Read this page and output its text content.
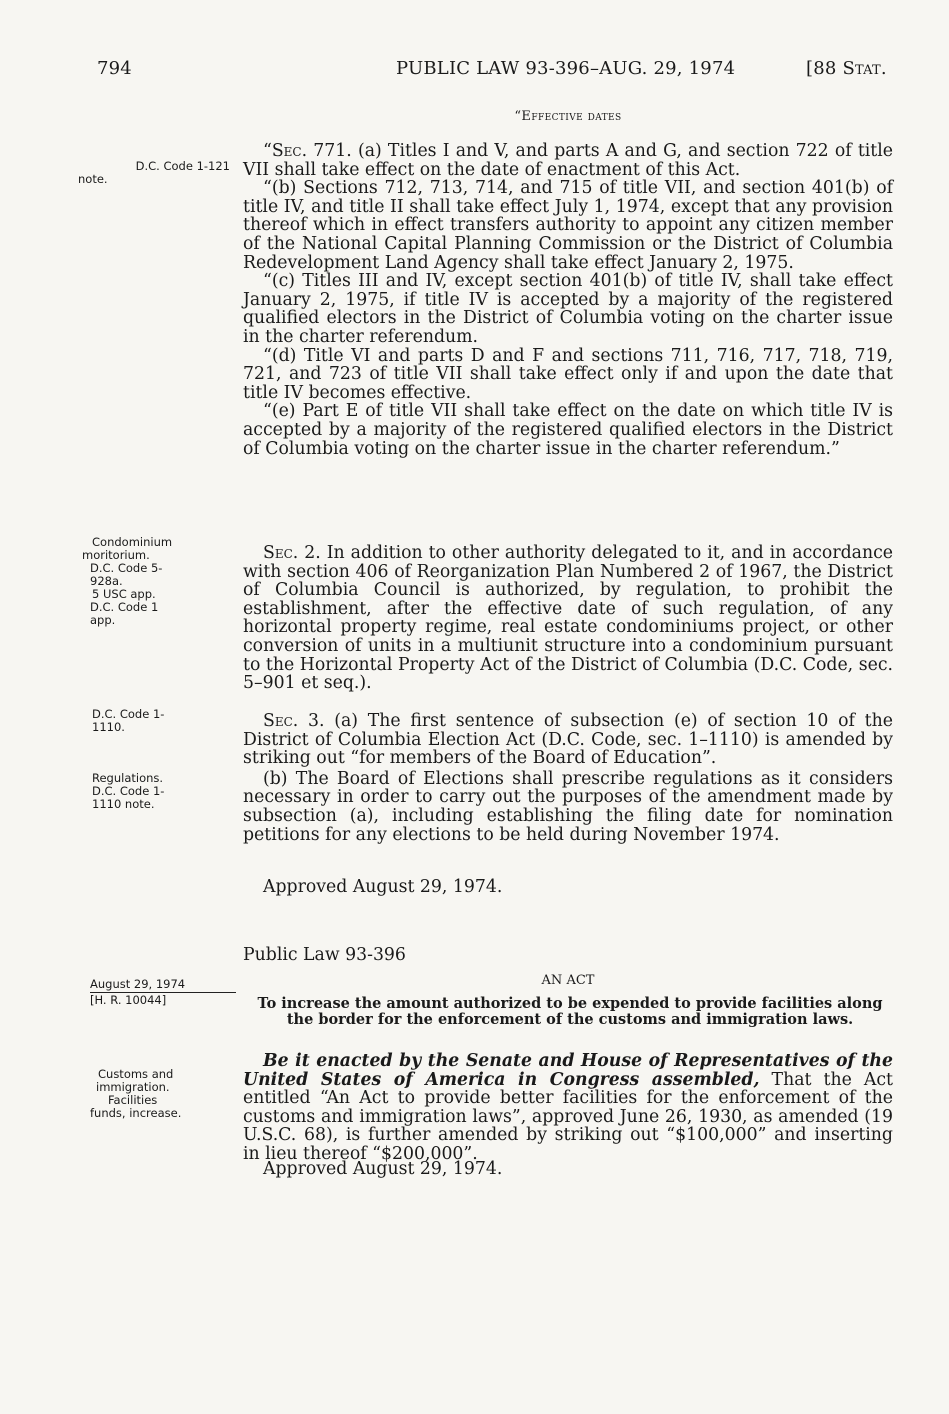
794	PUBLIC LAW 93-396–AUG. 29, 1974	[88 Stat.
“Effective dates

“Sec. 771. (a) Titles I and V, and parts A and G, and section 722 of title VII shall take effect on the date of enactment of this Act.

“(b) Sections 712, 713, 714, and 715 of title VII, and section 401(b) of title IV, and title II shall take effect July 1, 1974, except that any provision thereof which in effect transfers authority to appoint any citizen member of the National Capital Planning Commission or the District of Columbia Redevelopment Land Agency shall take effect January 2, 1975.

“(c) Titles III and IV, except section 401(b) of title IV, shall take effect January 2, 1975, if title IV is accepted by a majority of the registered qualified electors in the District of Columbia voting on the charter issue in the charter referendum.

“(d) Title VI and parts D and F and sections 711, 716, 717, 718, 719, 721, and 723 of title VII shall take effect only if and upon the date that title IV becomes effective.

“(e) Part E of title VII shall take effect on the date on which title IV is accepted by a majority of the registered qualified electors in the District of Columbia voting on the charter issue in the charter referendum.”

Sec. 2. In addition to other authority delegated to it, and in accordance with section 406 of Reorganization Plan Numbered 2 of 1967, the District of Columbia Council is authorized, by regulation, to prohibit the establishment, after the effective date of such regulation, of any horizontal property regime, real estate condominiums project, or other conversion of units in a multiunit structure into a condominium pursuant to the Horizontal Property Act of the District of Columbia (D.C. Code, sec. 5–901 et seq.).

Sec. 3. (a) The first sentence of subsection (e) of section 10 of the District of Columbia Election Act (D.C. Code, sec. 1–1110) is amended by striking out “for members of the Board of Education”.

(b) The Board of Elections shall prescribe regulations as it considers necessary in order to carry out the purposes of the amendment made by subsection (a), including establishing the filing date for nomination petitions for any elections to be held during November 1974.

Approved August 29, 1974.
Public Law 93-396
AN ACT
To increase the amount authorized to be expended to provide facilities along the border for the enforcement of the customs and immigration laws.

Be it enacted by the Senate and House of Representatives of the United States of America in Congress assembled, That the Act entitled “An Act to provide better facilities for the enforcement of the customs and immigration laws”, approved June 26, 1930, as amended (19 U.S.C. 68), is further amended by striking out “$100,000” and inserting in lieu thereof “$200,000”.

Approved August 29, 1974.
D.C. Code 1-121
note.
Condominium
moritorium.
D.C. Code 5-
928a.
5 USC app.
D.C. Code 1
app.
D.C. Code 1-
1110.
Regulations.
D.C. Code 1-
1110 note.
August 29, 1974
[H. R. 10044]
Customs and
immigration.
Facilities
funds, increase.
